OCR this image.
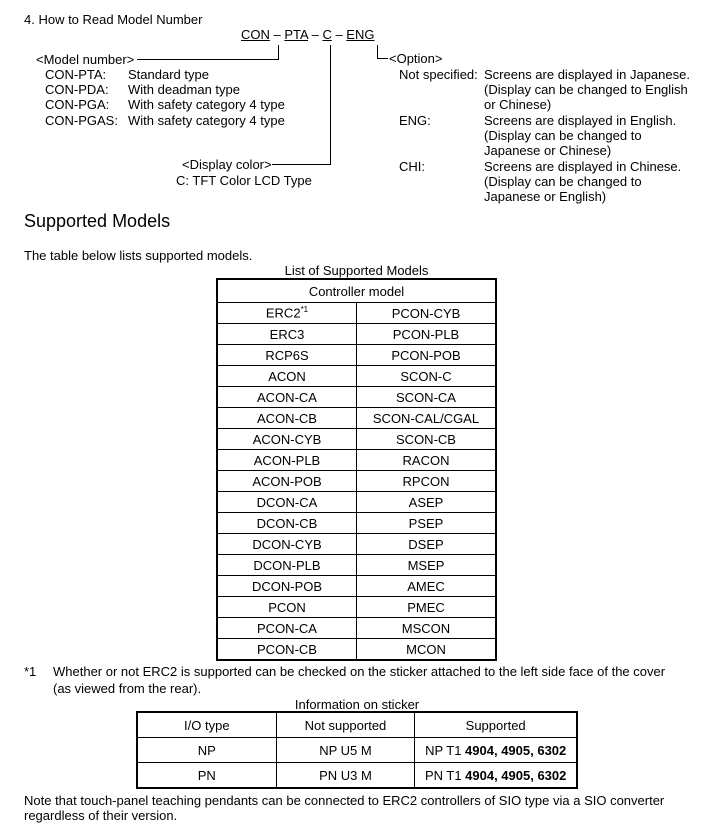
4. How to Read Model Number
CON – PTA – C – ENG
<Model number>
CON-PTA: Standard type
CON-PDA: With deadman type
CON-PGA: With safety category 4 type
CON-PGAS: With safety category 4 type
<Display color>
C: TFT Color LCD Type
<Option>
Not specified: Screens are displayed in Japanese.
(Display can be changed to English
or Chinese)
ENG:	Screens are displayed in English.
(Display can be changed to
Japanese or Chinese)
CHI:	Screens are displayed in Chinese.
(Display can be changed to
Japanese or English)
Supported Models
The table below lists supported models.
List of Supported Models
Controller model	
ERC2$^{*1}$	PCON-CYB
ERC3	PCON-PLB
RCP6S	PCON-POB
ACON	SCON-C
ACON-CA	SCON-CA
ACON-CB	SCON-CAL/CGAL
ACON-CYB	SCON-CB
ACON-PLB	RACON
ACON-POB	RPCON
DCON-CA	ASEP
DCON-CB	PSEP
DCON-CYB	DSEP
DCON-PLB	MSEP
DCON-POB	AMEC
PCON	PMEC
PCON-CA	MSCON
PCON-CB	MCON
*1 Whether or not ERC2 is supported can be checked on the sticker attached to the left side face of the cover
(as viewed from the rear).
Information on sticker
I/O type	Not supported	Supported
NP	NP U5 M	NP T1 4904, 4905, 6302
PN	PN U3 M	PN T1 4904, 4905, 6302
Note that touch-panel teaching pendants can be connected to ERC2 controllers of SIO type via a SIO converter regardless of their version.
